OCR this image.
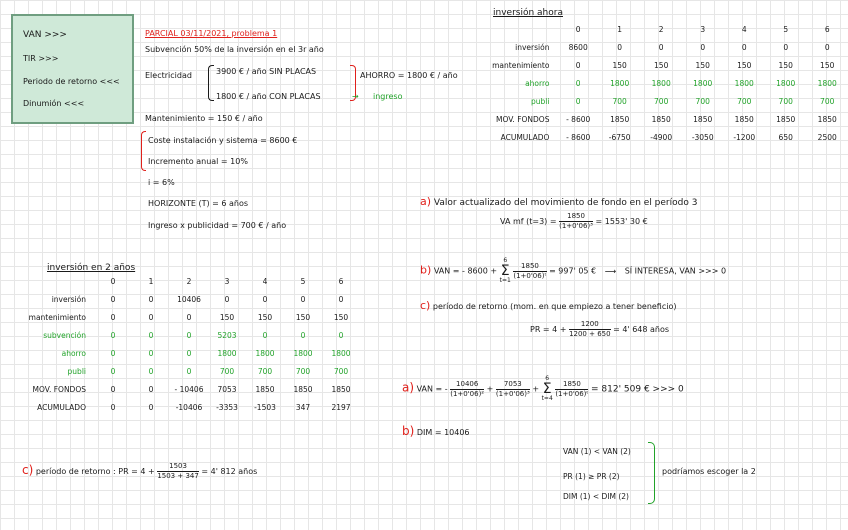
VAN >>>
TIR >>>
Periodo de retorno <<<
Dinumión <<<
PARCIAL 03/11/2021, problema 1
Subvención 50% de la inversión en el 3r año
Electricidad	3900 € / año SIN PLACAS
1800 € / año CON PLACAS
AHORRO = 1800 € / año
ingreso
→
Mantenimiento = 150 € / año
Coste instalación y sistema = 8600 €
Incremento anual = 10%
i = 6%
HORIZONTE (T) = 6 años
Ingreso x publicidad = 700 € / año
inversión ahora
	0	1	2	3	4	5	6
inversión	8600	0	0	0	0	0	0
mantenimiento	0	150	150	150	150	150	150
ahorro	0	1800	1800	1800	1800	1800	1800
publi	0	700	700	700	700	700	700
MOV. FONDOS	- 8600	1850	1850	1850	1850	1850	1850
ACUMULADO	- 8600	-6750	-4900	-3050	-1200	650	2500
inversión en 2 años
	0	1	2	3	4	5	6
inversión	0	0	10406	0	0	0	0
mantenimiento	0	0	0	150	150	150	150
subvención	0	0	0	5203	0	0	0
ahorro	0	0	0	1800	1800	1800	1800
publi	0	0	0	700	700	700	700
MOV. FONDOS	0	0	- 10406	7053	1850	1850	1850
ACUMULADO	0	0	-10406	-3353	-1503	347	2197
a) Valor actualizado del movimiento de fondo en el período 3
VA mf $(t=3) = \frac{1850}{\text{(1+0'06)³}} = 1553'$ 30 €
b) VAN = - 8600 + 6
Σ
$t=1 \frac{1850}{\text{(1+0'06)ᵗ}} = 997'$ 05 € ⟶ SÍ INTERESA, VAN >>> 0
c) período de retorno (mom. en que empiezo a tener beneficio)
PR = $4 + \frac{1200}{1200 + 650} = 4'$ 648 años
a) VAN = - $\frac{10406}{\text{(1+0'06)²}} + \frac{7053}{\text{(1+0'06)³}} + 6$
Σ
$t=4 \frac{1850}{\text{(1+0'06)ᵗ}} = 812'$ 509 € >>> 0
b) DIM = 10406
VAN (1) < VAN (2)
PR (1) ≥ PR (2)
DIM (1) < DIM (2)
podríamos escoger la 2
c) período de retorno : PR = $4 + \frac{1503}{1503 + 347} = 4'$ 812 años
